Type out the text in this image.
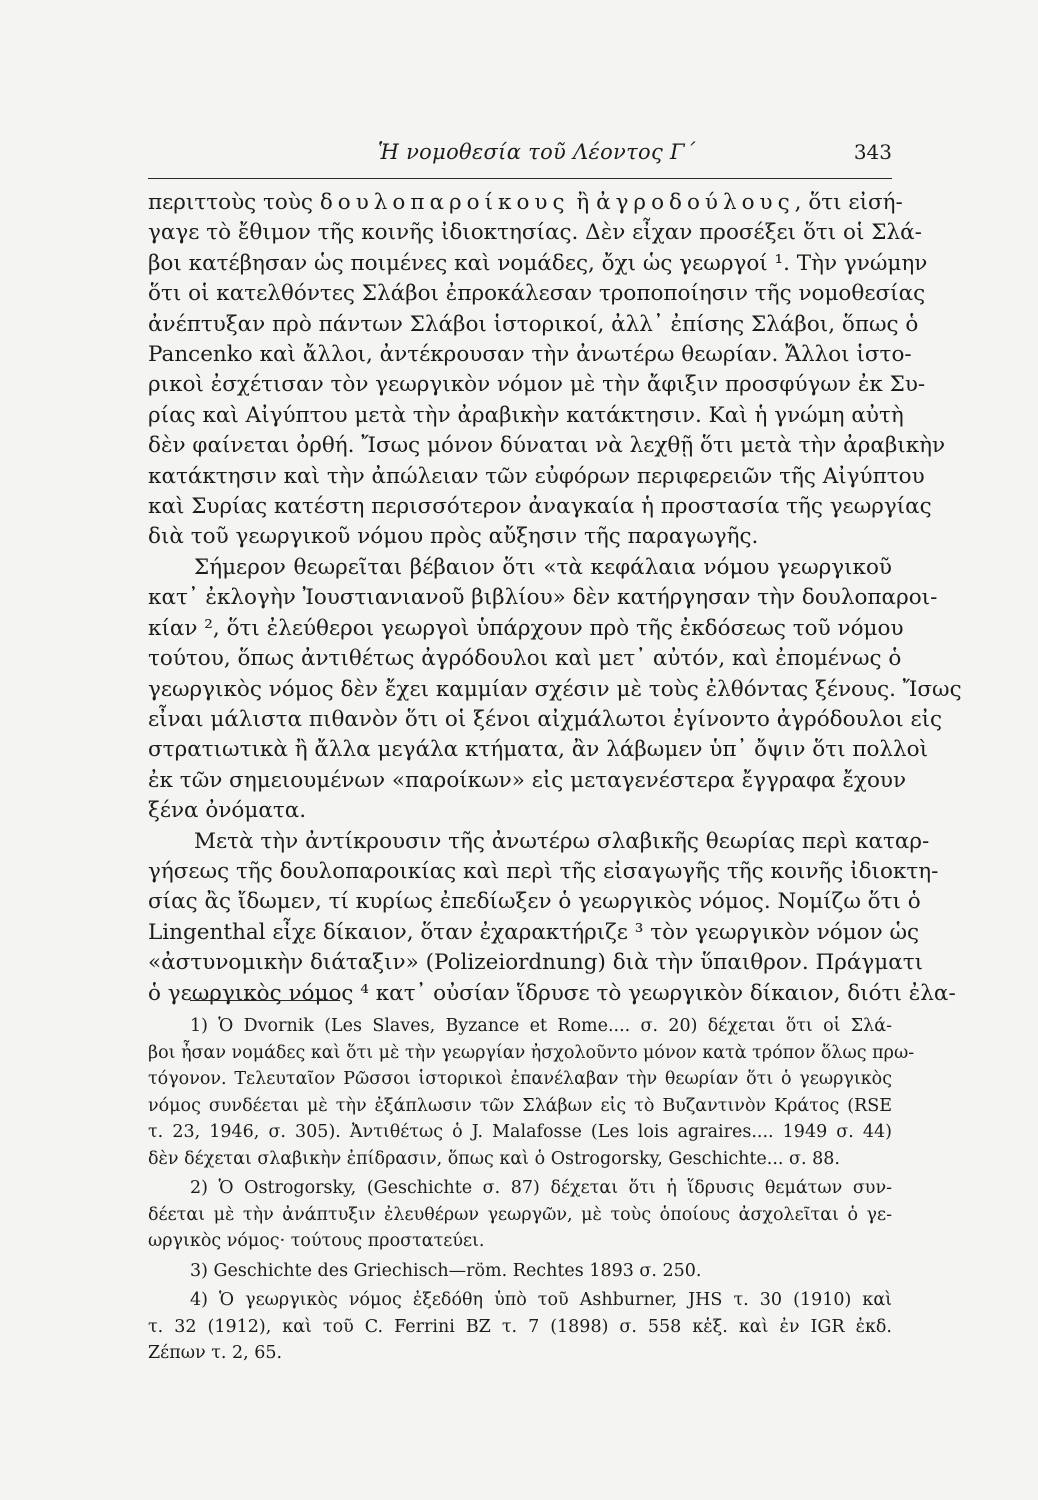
Ἡ νομοθεσία τοῦ Λέοντος Γ´	343
περιττοὺς τοὺς δουλοπαροίκους ἢ ἀγροδούλους, ὅτι εἰσή-
γαγε τὸ ἔθιμον τῆς κοινῆς ἰδιοκτησίας. Δὲν εἶχαν προσέξει ὅτι οἱ Σλά-
βοι κατέβησαν ὡς ποιμένες καὶ νομάδες, ὄχι ὡς γεωργοί ¹. Τὴν γνώμην
ὅτι οἱ κατελθόντες Σλάβοι ἐπροκάλεσαν τροποποίησιν τῆς νομοθεσίας
ἀνέπτυξαν πρὸ πάντων Σλάβοι ἱστορικοί, ἀλλ᾽ ἐπίσης Σλάβοι, ὅπως ὁ
Pancenko καὶ ἄλλοι, ἀντέκρουσαν τὴν ἀνωτέρω θεωρίαν. Ἄλλοι ἱστο-
ρικοὶ ἐσχέτισαν τὸν γεωργικὸν νόμον μὲ τὴν ἄφιξιν προσφύγων ἐκ Συ-
ρίας καὶ Αἰγύπτου μετὰ τὴν ἀραβικὴν κατάκτησιν. Καὶ ἡ γνώμη αὐτὴ
δὲν φαίνεται ὀρθή. Ἴσως μόνον δύναται νὰ λεχθῇ ὅτι μετὰ τὴν ἀραβικὴν
κατάκτησιν καὶ τὴν ἀπώλειαν τῶν εὐφόρων περιφερειῶν τῆς Αἰγύπτου
καὶ Συρίας κατέστη περισσότερον ἀναγκαία ἡ προστασία τῆς γεωργίας
διὰ τοῦ γεωργικοῦ νόμου πρὸς αὔξησιν τῆς παραγωγῆς.
Σήμερον θεωρεῖται βέβαιον ὅτι «τὰ κεφάλαια νόμου γεωργικοῦ
κατ᾽ ἐκλογὴν Ἰουστιανιανοῦ βιβλίου» δὲν κατήργησαν τὴν δουλοπαροι-
κίαν ², ὅτι ἐλεύθεροι γεωργοὶ ὑπάρχουν πρὸ τῆς ἐκδόσεως τοῦ νόμου
τούτου, ὅπως ἀντιθέτως ἀγρόδουλοι καὶ μετ᾽ αὐτόν, καὶ ἐπομένως ὁ
γεωργικὸς νόμος δὲν ἔχει καμμίαν σχέσιν μὲ τοὺς ἐλθόντας ξένους. Ἴσως
εἶναι μάλιστα πιθανὸν ὅτι οἱ ξένοι αἰχμάλωτοι ἐγίνοντο ἀγρόδουλοι εἰς
στρατιωτικὰ ἢ ἄλλα μεγάλα κτήματα, ἂν λάβωμεν ὑπ᾽ ὄψιν ὅτι πολλοὶ
ἐκ τῶν σημειουμένων «παροίκων» εἰς μεταγενέστερα ἔγγραφα ἔχουν
ξένα ὀνόματα.
Μετὰ τὴν ἀντίκρουσιν τῆς ἀνωτέρω σλαβικῆς θεωρίας περὶ καταρ-
γήσεως τῆς δουλοπαροικίας καὶ περὶ τῆς εἰσαγωγῆς τῆς κοινῆς ἰδιοκτη-
σίας ἂς ἴδωμεν, τί κυρίως ἐπεδίωξεν ὁ γεωργικὸς νόμος. Νομίζω ὅτι ὁ
Lingenthal εἶχε δίκαιον, ὅταν ἐχαρακτήριζε ³ τὸν γεωργικὸν νόμον ὡς
«ἀστυνομικὴν διάταξιν» (Polizeiordnung) διὰ τὴν ὕπαιθρον. Πράγματι
ὁ γεωργικὸς νόμος ⁴ κατ᾽ οὐσίαν ἵδρυσε τὸ γεωργικὸν δίκαιον, διότι ἐλα-
1) Ὁ Dvornik (Les Slaves, Byzance et Rome.... σ. 20) δέχεται ὅτι οἱ Σλά-
βοι ἦσαν νομάδες καὶ ὅτι μὲ τὴν γεωργίαν ἠσχολοῦντο μόνον κατὰ τρόπον ὅλως πρω-
τόγονον. Τελευταῖον Ρῶσσοι ἱστορικοὶ ἐπανέλαβαν τὴν θεωρίαν ὅτι ὁ γεωργικὸς
νόμος συνδέεται μὲ τὴν ἐξάπλωσιν τῶν Σλάβων εἰς τὸ Βυζαντινὸν Κράτος (RSE
τ. 23, 1946, σ. 305). Ἀντιθέτως ὁ J. Malafosse (Les lois agraires.... 1949 σ. 44)
δὲν δέχεται σλαβικὴν ἐπίδρασιν, ὅπως καὶ ὁ Ostrogorsky, Geschichte... σ. 88.
2) Ὁ Ostrogorsky, (Geschichte σ. 87) δέχεται ὅτι ἡ ἵδρυσις θεμάτων συν-
δέεται μὲ τὴν ἀνάπτυξιν ἐλευθέρων γεωργῶν, μὲ τοὺς ὁποίους ἀσχολεῖται ὁ γε-
ωργικὸς νόμος· τούτους προστατεύει.
3) Geschichte des Griechisch—röm. Rechtes 1893 σ. 250.
4) Ὁ γεωργικὸς νόμος ἐξεδόθη ὑπὸ τοῦ Ashburner, JHS τ. 30 (1910) καὶ
τ. 32 (1912), καὶ τοῦ C. Ferrini BZ τ. 7 (1898) σ. 558 κἑξ. καὶ ἐν IGR ἐκδ.
Ζέπων τ. 2, 65.
